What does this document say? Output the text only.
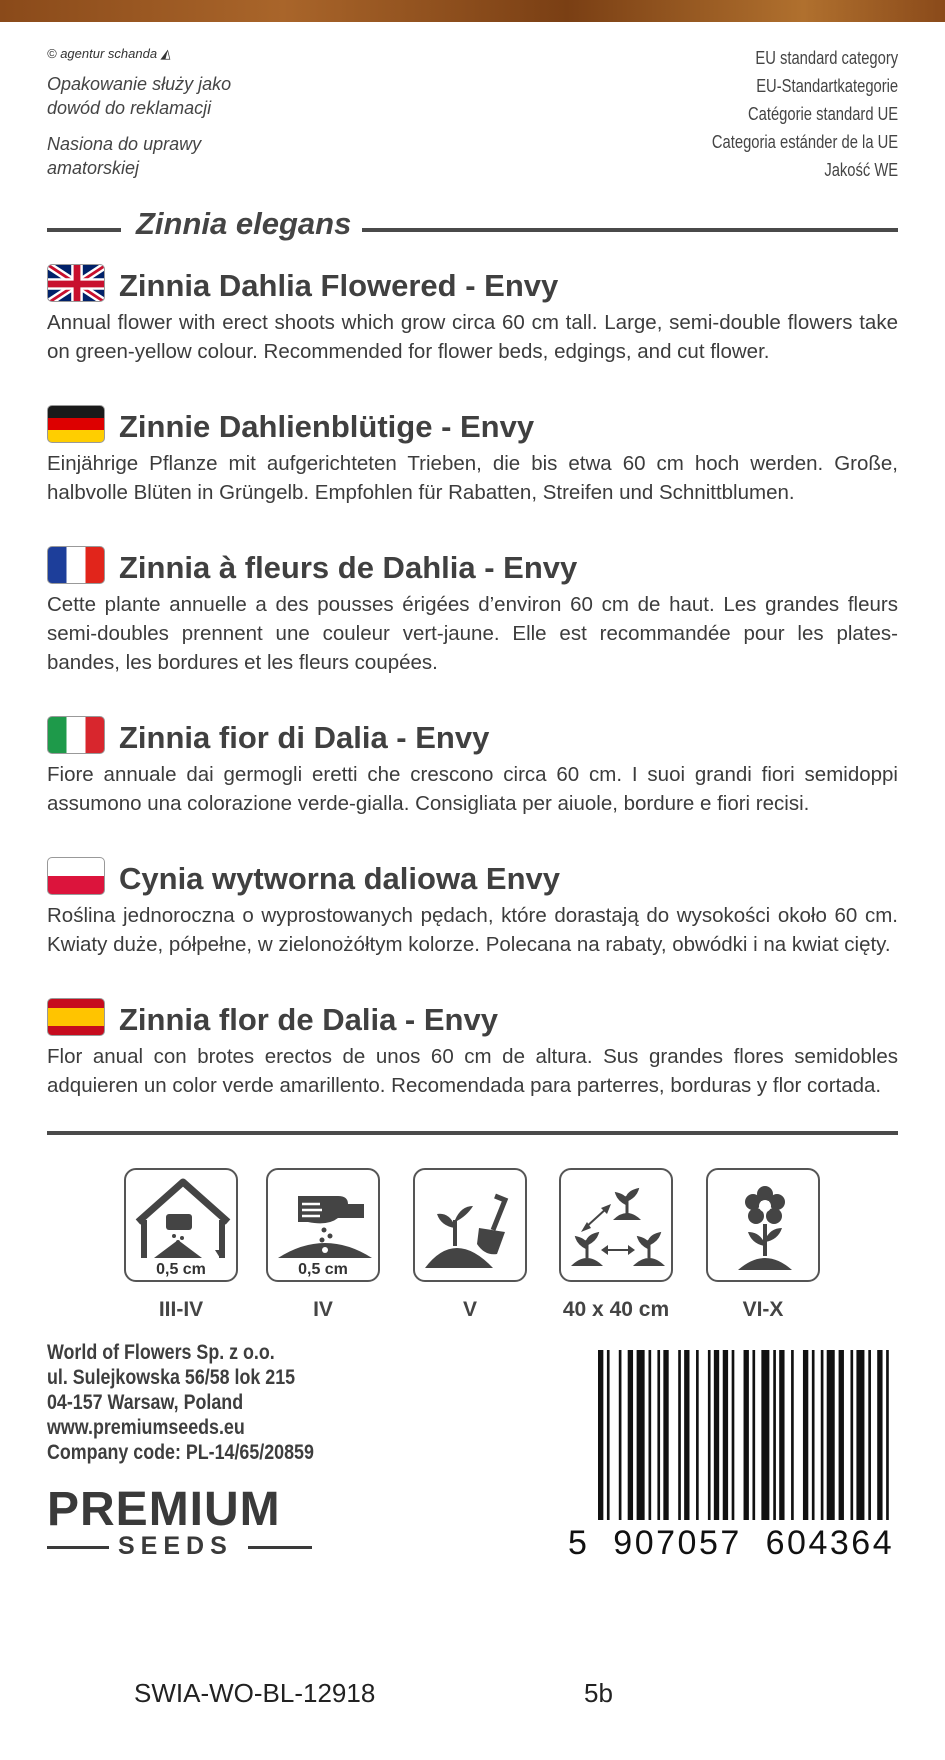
© agentur schanda ◭
Opakowanie służy jako
dowód do reklamacji
Nasiona do uprawy
amatorskiej
EU standard category
EU-Standartkategorie
Catégorie standard UE
Categoria estánder de la UE
Jakość WE
Zinnia elegans
Zinnia Dahlia Flowered - Envy
Annual flower with erect shoots which grow circa 60 cm tall. Large, semi-double flowers take on green-yellow colour. Recommended for flower beds, edgings, and cut flower.
Zinnie Dahlienblütige - Envy
Einjährige Pflanze mit aufgerichteten Trieben, die bis etwa 60 cm hoch werden. Große, halbvolle Blüten in Grüngelb. Empfohlen für Rabatten, Streifen und Schnittblumen.
Zinnia à fleurs de Dahlia - Envy
Cette plante annuelle a des pousses érigées d’environ 60 cm de haut. Les grandes fleurs semi-doubles prennent une couleur vert-jaune. Elle est recommandée pour les plates-bandes, les bordures et les fleurs coupées.
Zinnia fior di Dalia - Envy
Fiore annuale dai germogli eretti che crescono circa 60 cm. I suoi grandi fiori semidoppi assumono una colorazione verde-gialla. Consigliata per aiuole, bordure e fiori recisi.
Cynia wytworna daliowa Envy
Roślina jednoroczna o wyprostowanych pędach, które dorastają do wysokości około 60 cm. Kwiaty duże, półpełne, w zielonożółtym kolorze. Polecana na rabaty, obwódki i na kwiat cięty.
Zinnia flor de Dalia - Envy
Flor anual con brotes erectos de unos 60 cm de altura. Sus grandes flores semidobles adquieren un color verde amarillento. Recomendada para parterres, borduras y flor cortada.
0,5 cm	0,5 cm
III-IV	IV	V	40 x 40 cm	VI-X
World of Flowers Sp. z o.o.
ul. Sulejkowska 56/58 lok 215
04-157 Warsaw, Poland
www.premiumseeds.eu
Company code: PL-14/65/20859
PREMIUM
SEEDS	5  907057  604364
SWIA-WO-BL-12918	5b
